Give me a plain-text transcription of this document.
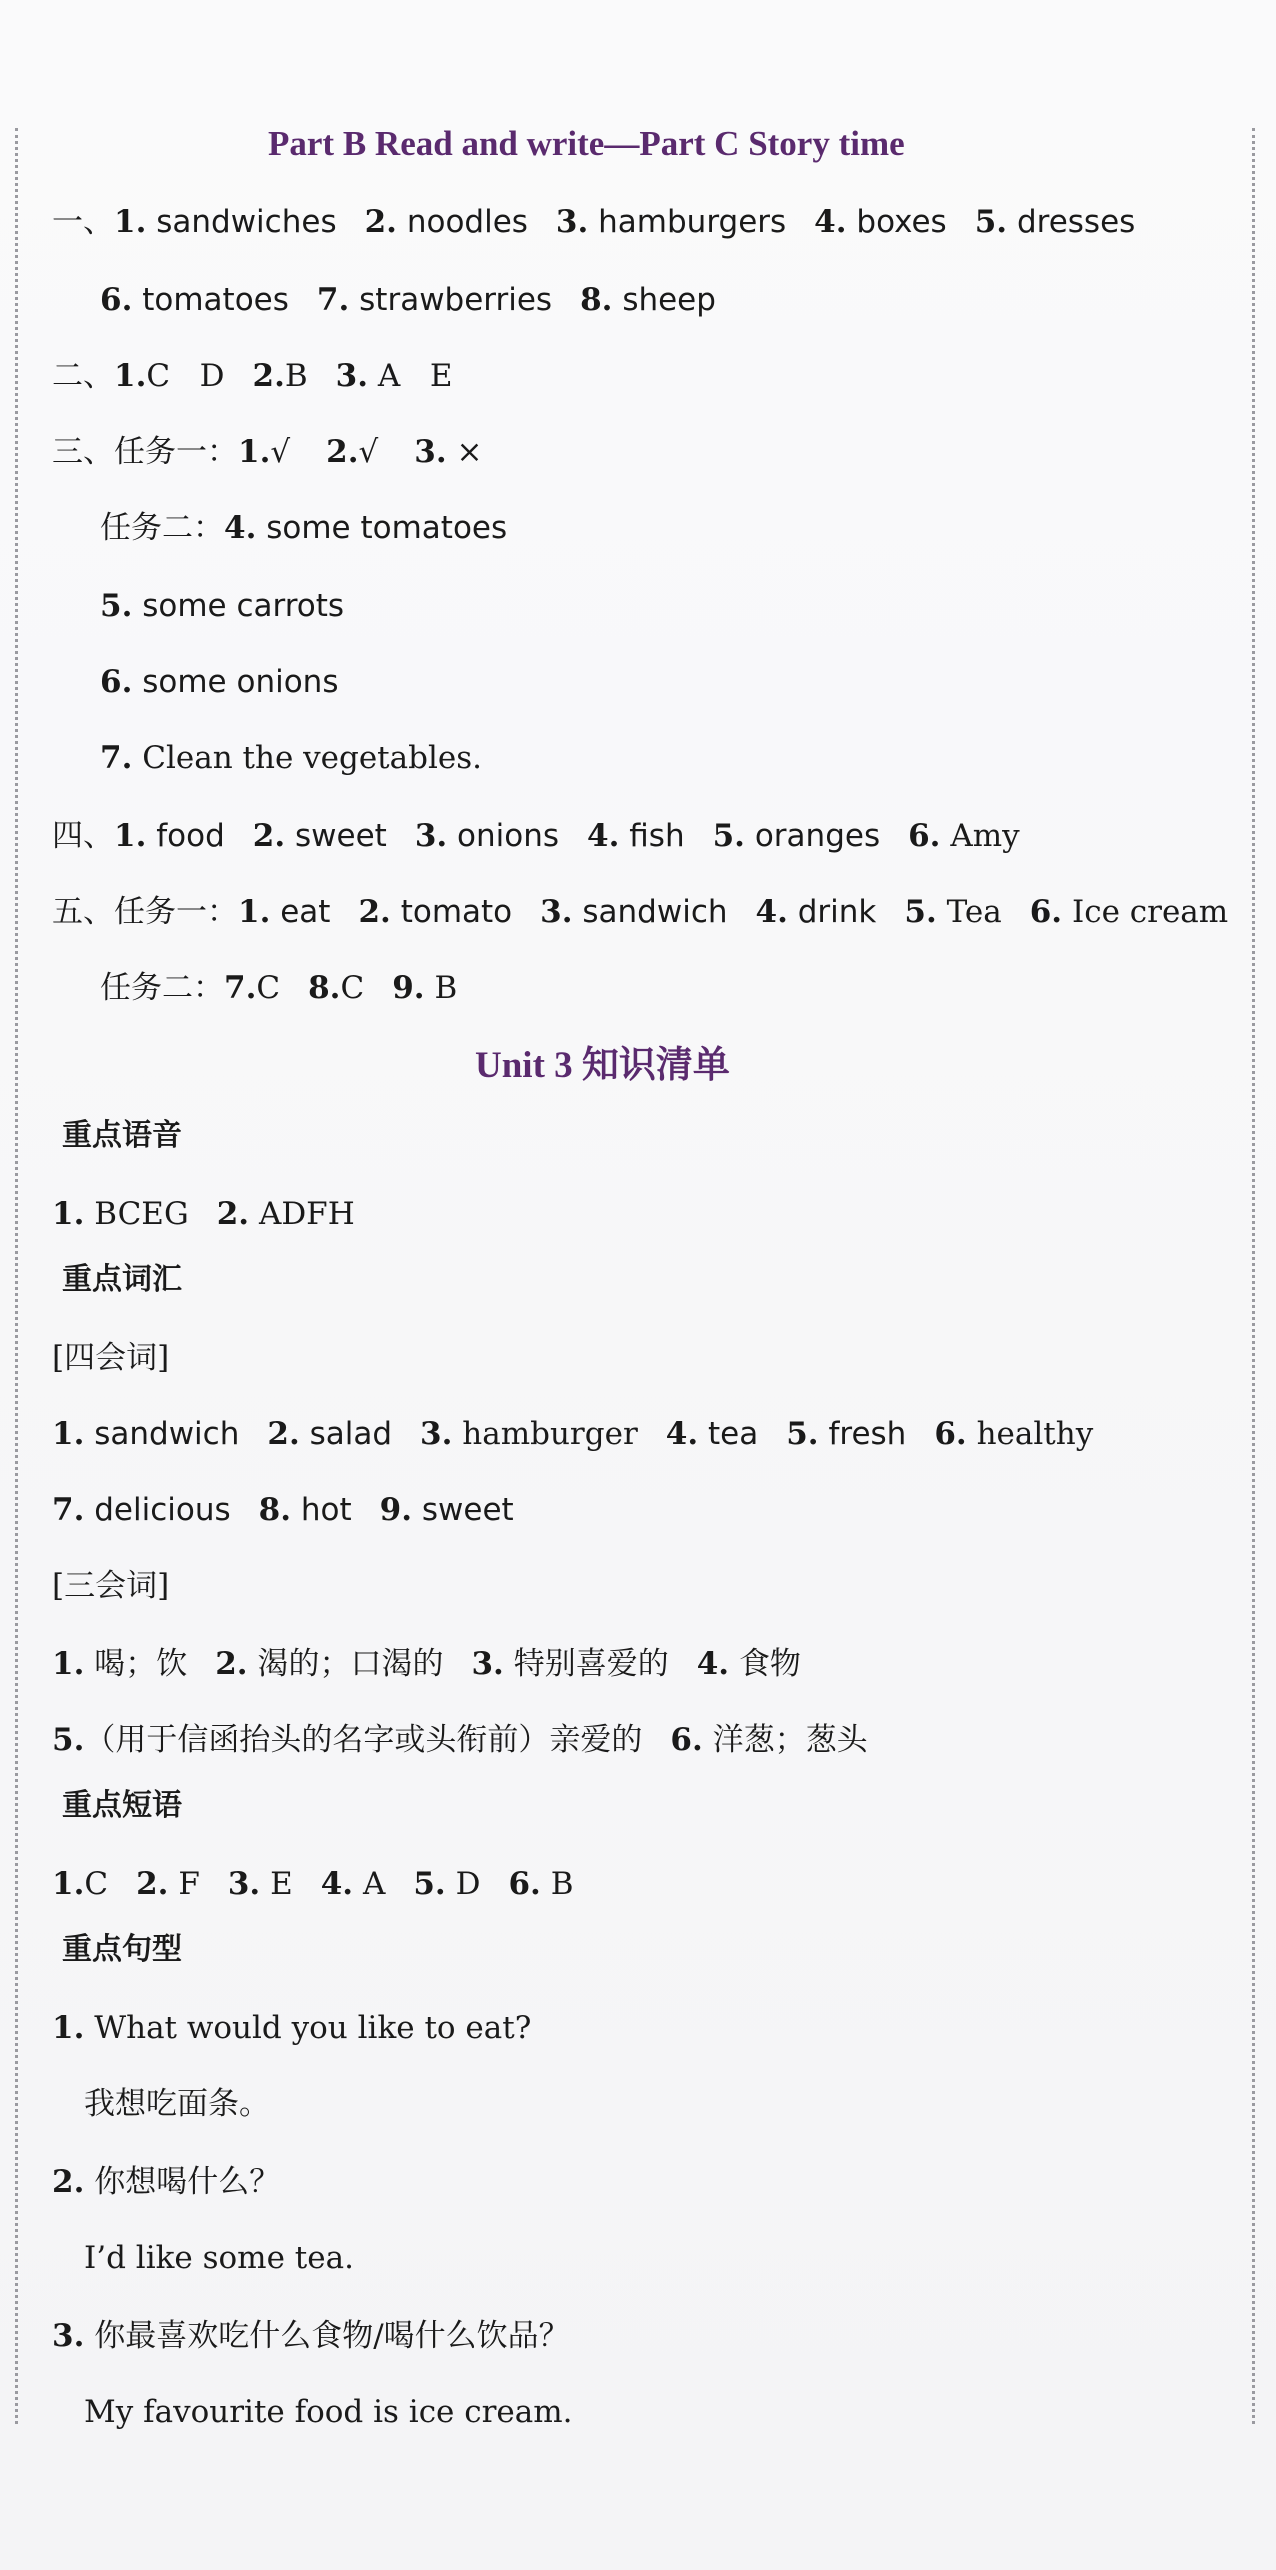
Part B Read and write—Part C Story time
一、1. sandwiches 2. noodles 3. hamburgers 4. boxes 5. dresses
6. tomatoes 7. strawberries 8. sheep
二、1.C   D 2.B 3. A   E
三、任务一：1.√ 2.√ 3. ×
任务二：4. some tomatoes
5. some carrots
6. some onions
7. Clean the vegetables.
四、1. food 2. sweet 3. onions 4. fish 5. oranges 6. Amy
五、任务一：1. eat 2. tomato 3. sandwich 4. drink 5. Tea 6. Ice cream
任务二：7.C 8.C 9. B
Unit 3 知识清单
重点语音
1. BCEG 2. ADFH
重点词汇
[四会词]
1. sandwich 2. salad 3. hamburger 4. tea 5. fresh 6. healthy
7. delicious 8. hot 9. sweet
[三会词]
1. 喝；饮 2. 渴的；口渴的 3. 特别喜爱的 4. 食物
5.（用于信函抬头的名字或头衔前）亲爱的 6. 洋葱；葱头
重点短语
1.C 2. F 3. E 4. A 5. D 6. B
重点句型
1. What would you like to eat?
我想吃面条。
2. 你想喝什么？
I’d like some tea.
3. 你最喜欢吃什么食物/喝什么饮品？
My favourite food is ice cream.
